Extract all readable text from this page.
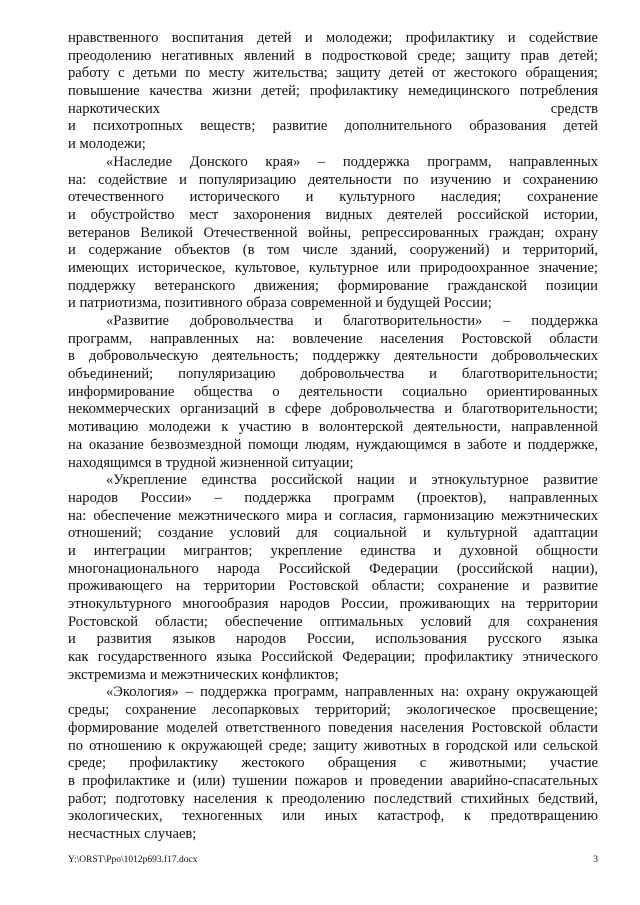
нравственного воспитания детей и молодежи; профилактику и содействие
преодолению негативных явлений в подростковой среде; защиту прав детей;
работу с детьми по месту жительства; защиту детей от жестокого обращения;
повышение качества жизни детей; профилактику немедицинского потребления
наркотических средств
и психотропных веществ; развитие дополнительного образования детей
и молодежи;
«Наследие Донского края» – поддержка программ, направленных
на: содействие и популяризацию деятельности по изучению и сохранению
отечественного исторического и культурного наследия; сохранение
и обустройство мест захоронения видных деятелей российской истории,
ветеранов Великой Отечественной войны, репрессированных граждан; охрану
и содержание объектов (в том числе зданий, сооружений) и территорий,
имеющих историческое, культовое, культурное или природоохранное значение;
поддержку ветеранского движения; формирование гражданской позиции
и патриотизма, позитивного образа современной и будущей России;
«Развитие добровольчества и благотворительности» – поддержка
программ, направленных на: вовлечение населения Ростовской области
в добровольческую деятельность; поддержку деятельности добровольческих
объединений; популяризацию добровольчества и благотворительности;
информирование общества о деятельности социально ориентированных
некоммерческих организаций в сфере добровольчества и благотворительности;
мотивацию молодежи к участию в волонтерской деятельности, направленной
на оказание безвозмездной помощи людям, нуждающимся в заботе и поддержке,
находящимся в трудной жизненной ситуации;
«Укрепление единства российской нации и этнокультурное развитие
народов России» – поддержка программ (проектов), направленных
на: обеспечение межэтнического мира и согласия, гармонизацию межэтнических
отношений; создание условий для социальной и культурной адаптации
и интеграции мигрантов; укрепление единства и духовной общности
многонационального народа Российской Федерации (российской нации),
проживающего на территории Ростовской области; сохранение и развитие
этнокультурного многообразия народов России, проживающих на территории
Ростовской области; обеспечение оптимальных условий для сохранения
и развития языков народов России, использования русского языка
как государственного языка Российской Федерации; профилактику этнического
экстремизма и межэтнических конфликтов;
«Экология» – поддержка программ, направленных на: охрану окружающей
среды; сохранение лесопарковых территорий; экологическое просвещение;
формирование моделей ответственного поведения населения Ростовской области
по отношению к окружающей среде; защиту животных в городской или сельской
среде; профилактику жестокого обращения с животными; участие
в профилактике и (или) тушении пожаров и проведении аварийно-спасательных
работ; подготовку населения к преодолению последствий стихийных бедствий,
экологических, техногенных или иных катастроф, к предотвращению
несчастных случаев;
Y:\ORST\Ppo\1012p693.f17.docx	3
